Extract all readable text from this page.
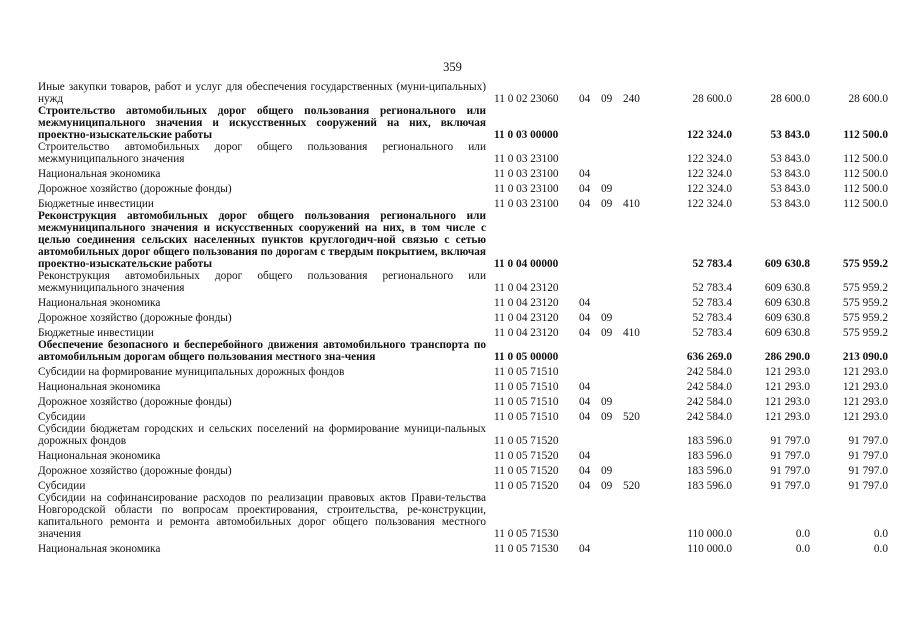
359
Иные закупки товаров, работ и услуг для обеспечения государственных (муни-ципальных) нужд	11 0 02 23060	04	09	240	28 600.0	28 600.0	28 600.0
Строительство автомобильных дорог общего пользования регионального или межмуниципального значения и искусственных сооружений на них, включая проектно-изыскательские работы	11 0 03 00000				122 324.0	53 843.0	112 500.0
Строительство автомобильных дорог общего пользования регионального или межмуниципального значения	11 0 03 23100				122 324.0	53 843.0	112 500.0
Национальная экономика	11 0 03 23100	04			122 324.0	53 843.0	112 500.0
Дорожное хозяйство (дорожные фонды)	11 0 03 23100	04	09		122 324.0	53 843.0	112 500.0
Бюджетные инвестиции	11 0 03 23100	04	09	410	122 324.0	53 843.0	112 500.0
Реконструкция автомобильных дорог общего пользования регионального или межмуниципального значения и искусственных сооружений на них, в том числе с целью соединения сельских населенных пунктов круглогодич-ной связью с сетью автомобильных дорог общего пользования по дорогам с твердым покрытием, включая проектно-изыскательские работы	11 0 04 00000				52 783.4	609 630.8	575 959.2
Реконструкция автомобильных дорог общего пользования регионального или межмуниципального значения	11 0 04 23120				52 783.4	609 630.8	575 959.2
Национальная экономика	11 0 04 23120	04			52 783.4	609 630.8	575 959.2
Дорожное хозяйство (дорожные фонды)	11 0 04 23120	04	09		52 783.4	609 630.8	575 959.2
Бюджетные инвестиции	11 0 04 23120	04	09	410	52 783.4	609 630.8	575 959.2
Обеспечение безопасного и бесперебойного движения автомобильного транспорта по автомобильным дорогам общего пользования местного зна-чения	11 0 05 00000				636 269.0	286 290.0	213 090.0
Субсидии на формирование муниципальных дорожных фондов	11 0 05 71510				242 584.0	121 293.0	121 293.0
Национальная экономика	11 0 05 71510	04			242 584.0	121 293.0	121 293.0
Дорожное хозяйство (дорожные фонды)	11 0 05 71510	04	09		242 584.0	121 293.0	121 293.0
Субсидии	11 0 05 71510	04	09	520	242 584.0	121 293.0	121 293.0
Субсидии бюджетам городских и сельских поселений на формирование муници-пальных дорожных фондов	11 0 05 71520				183 596.0	91 797.0	91 797.0
Национальная экономика	11 0 05 71520	04			183 596.0	91 797.0	91 797.0
Дорожное хозяйство (дорожные фонды)	11 0 05 71520	04	09		183 596.0	91 797.0	91 797.0
Субсидии	11 0 05 71520	04	09	520	183 596.0	91 797.0	91 797.0
Субсидии на софинансирование расходов по реализации правовых актов Прави-тельства Новгородской области по вопросам проектирования, строительства, ре-конструкции, капитального ремонта и ремонта автомобильных дорог общего пользования местного значения	11 0 05 71530				110 000.0	0.0	0.0
Национальная экономика	11 0 05 71530	04			110 000.0	0.0	0.0
